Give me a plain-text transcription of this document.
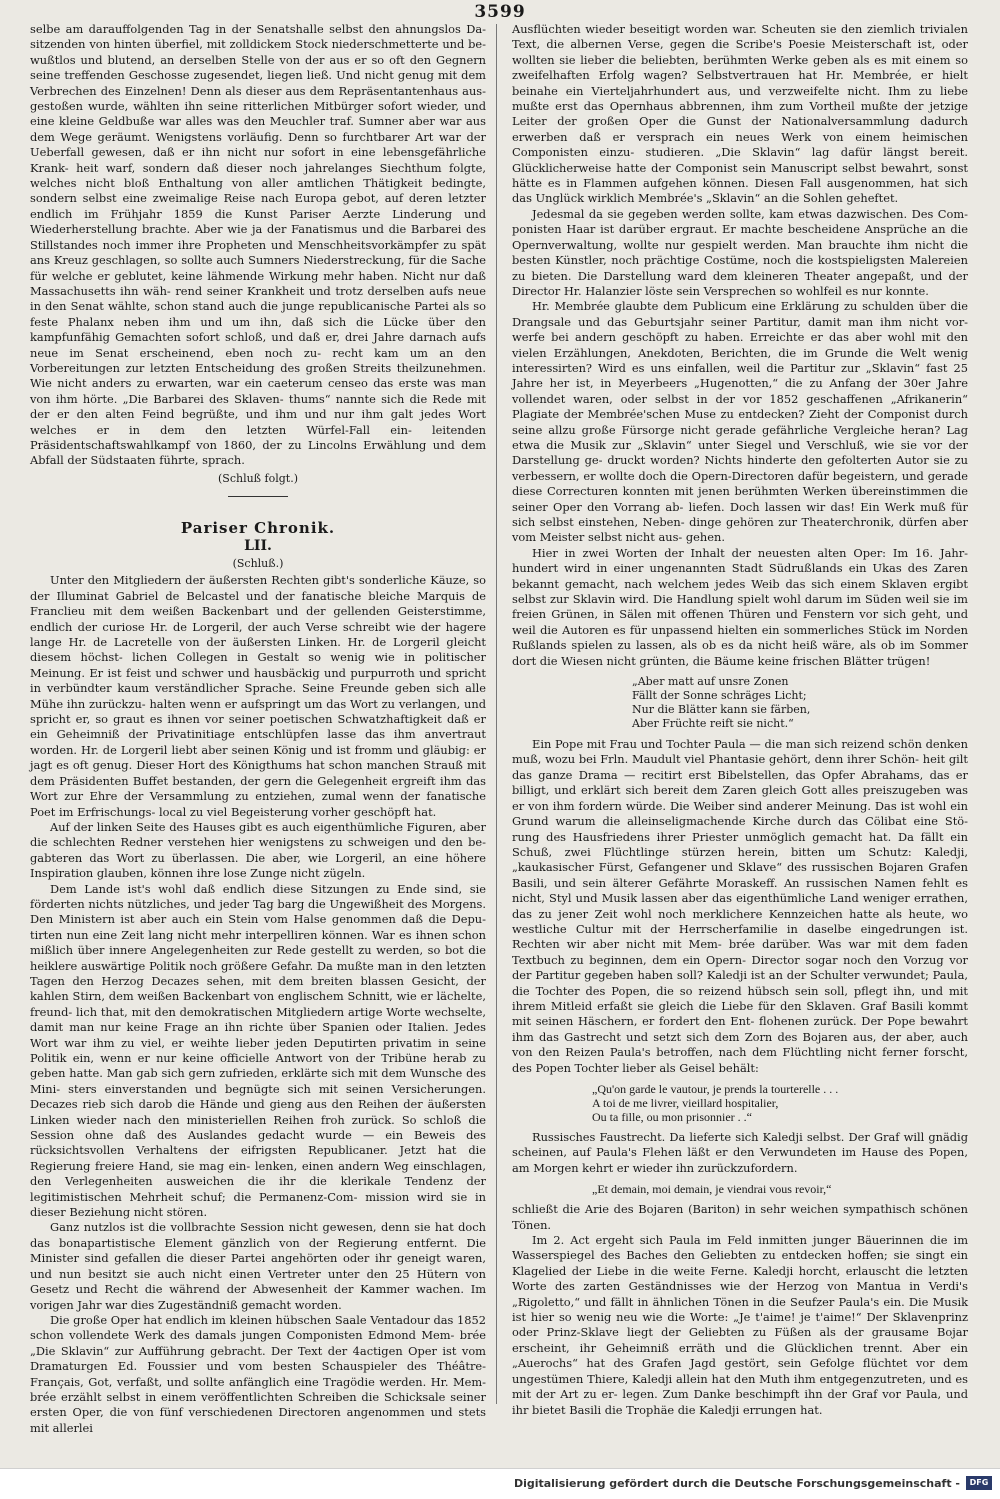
3599

selbe am darauffolgenden Tag in der Senatshalle selbst den ahnungslos Da- sitzenden von hinten überfiel, mit zolldickem Stock niederschmetterte und be- wußtlos und blutend, an derselben Stelle von der aus er so oft den Gegnern seine treffenden Geschosse zugesendet, liegen ließ. Und nicht genug mit dem Verbrechen des Einzelnen! Denn als dieser aus dem Repräsentantenhaus aus- gestoßen wurde, wählten ihn seine ritterlichen Mitbürger sofort wieder, und eine kleine Geldbuße war alles was den Meuchler traf. Sumner aber war aus dem Wege geräumt. Wenigstens vorläufig. Denn so furchtbarer Art war der Ueberfall gewesen, daß er ihn nicht nur sofort in eine lebensgefährliche Krank- heit warf, sondern daß dieser noch jahrelanges Siechthum folgte, welches nicht bloß Enthaltung von aller amtlichen Thätigkeit bedingte, sondern selbst eine zweimalige Reise nach Europa gebot, auf deren letzter endlich im Frühjahr 1859 die Kunst Pariser Aerzte Linderung und Wiederherstellung brachte. Aber wie ja der Fanatismus und die Barbarei des Stillstandes noch immer ihre Propheten und Menschheitsvorkämpfer zu spät ans Kreuz geschlagen, so sollte auch Sumners Niederstreckung, für die Sache für welche er geblutet, keine lähmende Wirkung mehr haben. Nicht nur daß Massachusetts ihn wäh- rend seiner Krankheit und trotz derselben aufs neue in den Senat wählte, schon stand auch die junge republicanische Partei als so feste Phalanx neben ihm und um ihn, daß sich die Lücke über den kampfunfähig Gemachten sofort schloß, und daß er, drei Jahre darnach aufs neue im Senat erscheinend, eben noch zu- recht kam um an den Vorbereitungen zur letzten Entscheidung des großen Streits theilzunehmen. Wie nicht anders zu erwarten, war ein caeterum censeo das erste was man von ihm hörte. „Die Barbarei des Sklaven- thums“ nannte sich die Rede mit der er den alten Feind begrüßte, und ihm und nur ihm galt jedes Wort welches er in dem den letzten Würfel-Fall ein- leitenden Präsidentschaftswahlkampf von 1860, der zu Lincolns Erwählung und dem Abfall der Südstaaten führte, sprach.

(Schluß folgt.)
Pariser Chronik.
LII.
(Schluß.)

Unter den Mitgliedern der äußersten Rechten gibt's sonderliche Käuze, so der Illuminat Gabriel de Belcastel und der fanatische bleiche Marquis de Franclieu mit dem weißen Backenbart und der gellenden Geisterstimme, endlich der curiose Hr. de Lorgeril, der auch Verse schreibt wie der hagere lange Hr. de Lacretelle von der äußersten Linken. Hr. de Lorgeril gleicht diesem höchst- lichen Collegen in Gestalt so wenig wie in politischer Meinung. Er ist feist und schwer und hausbäckig und purpurroth und spricht in verbündter kaum verständlicher Sprache. Seine Freunde geben sich alle Mühe ihn zurückzu- halten wenn er aufspringt um das Wort zu verlangen, und spricht er, so graut es ihnen vor seiner poetischen Schwatzhaftigkeit daß er ein Geheimniß der Privatinitiage entschlüpfen lasse das ihm anvertraut worden. Hr. de Lorgeril liebt aber seinen König und ist fromm und gläubig: er jagt es oft genug. Dieser Hort des Königthums hat schon manchen Strauß mit dem Präsidenten Buffet bestanden, der gern die Gelegenheit ergreift ihm das Wort zur Ehre der Versammlung zu entziehen, zumal wenn der fanatische Poet im Erfrischungs- local zu viel Begeisterung vorher geschöpft hat.

Auf der linken Seite des Hauses gibt es auch eigenthümliche Figuren, aber die schlechten Redner verstehen hier wenigstens zu schweigen und den be- gabteren das Wort zu überlassen. Die aber, wie Lorgeril, an eine höhere Inspiration glauben, können ihre lose Zunge nicht zügeln.

Dem Lande ist's wohl daß endlich diese Sitzungen zu Ende sind, sie förderten nichts nützliches, und jeder Tag barg die Ungewißheit des Morgens. Den Ministern ist aber auch ein Stein vom Halse genommen daß die Depu- tirten nun eine Zeit lang nicht mehr interpelliren können. War es ihnen schon mißlich über innere Angelegenheiten zur Rede gestellt zu werden, so bot die heiklere auswärtige Politik noch größere Gefahr. Da mußte man in den letzten Tagen den Herzog Decazes sehen, mit dem breiten blassen Gesicht, der kahlen Stirn, dem weißen Backenbart von englischem Schnitt, wie er lächelte, freund- lich that, mit den demokratischen Mitgliedern artige Worte wechselte, damit man nur keine Frage an ihn richte über Spanien oder Italien. Jedes Wort war ihm zu viel, er weihte lieber jeden Deputirten privatim in seine Politik ein, wenn er nur keine officielle Antwort von der Tribüne herab zu geben hatte. Man gab sich gern zufrieden, erklärte sich mit dem Wunsche des Mini- sters einverstanden und begnügte sich mit seinen Versicherungen. Decazes rieb sich darob die Hände und gieng aus den Reihen der äußersten Linken wieder nach den ministeriellen Reihen froh zurück. So schloß die Session ohne daß des Auslandes gedacht wurde — ein Beweis des rücksichtsvollen Verhaltens der eifrigsten Republicaner. Jetzt hat die Regierung freiere Hand, sie mag ein- lenken, einen andern Weg einschlagen, den Verlegenheiten ausweichen die ihr die klerikale Tendenz der legitimistischen Mehrheit schuf; die Permanenz-Com- mission wird sie in dieser Beziehung nicht stören.

Ganz nutzlos ist die vollbrachte Session nicht gewesen, denn sie hat doch das bonapartistische Element gänzlich von der Regierung entfernt. Die Minister sind gefallen die dieser Partei angehörten oder ihr geneigt waren, und nun besitzt sie auch nicht einen Vertreter unter den 25 Hütern von Gesetz und Recht die während der Abwesenheit der Kammer wachen. Im vorigen Jahr war dies Zugeständniß gemacht worden.

Die große Oper hat endlich im kleinen hübschen Saale Ventadour das 1852 schon vollendete Werk des damals jungen Componisten Edmond Mem- brée „Die Sklavin“ zur Aufführung gebracht. Der Text der 4actigen Oper ist vom Dramaturgen Ed. Foussier und vom besten Schauspieler des Théâtre- Français, Got, verfaßt, und sollte anfänglich eine Tragödie werden. Hr. Mem- brée erzählt selbst in einem veröffentlichten Schreiben die Schicksale seiner ersten Oper, die von fünf verschiedenen Directoren angenommen und stets mit allerlei

Ausflüchten wieder beseitigt worden war. Scheuten sie den ziemlich trivialen Text, die albernen Verse, gegen die Scribe's Poesie Meisterschaft ist, oder wollten sie lieber die beliebten, berühmten Werke geben als es mit einem so zweifelhaften Erfolg wagen? Selbstvertrauen hat Hr. Membrée, er hielt beinahe ein Vierteljahrhundert aus, und verzweifelte nicht. Ihm zu liebe mußte erst das Opernhaus abbrennen, ihm zum Vortheil mußte der jetzige Leiter der großen Oper die Gunst der Nationalversammlung dadurch erwerben daß er versprach ein neues Werk von einem heimischen Componisten einzu- studieren. „Die Sklavin“ lag dafür längst bereit. Glücklicherweise hatte der Componist sein Manuscript selbst bewahrt, sonst hätte es in Flammen aufgehen können. Diesen Fall ausgenommen, hat sich das Unglück wirklich Membrée's „Sklavin“ an die Sohlen geheftet.

Jedesmal da sie gegeben werden sollte, kam etwas dazwischen. Des Com- ponisten Haar ist darüber ergraut. Er machte bescheidene Ansprüche an die Opernverwaltung, wollte nur gespielt werden. Man brauchte ihm nicht die besten Künstler, noch prächtige Costüme, noch die kostspieligsten Malereien zu bieten. Die Darstellung ward dem kleineren Theater angepaßt, und der Director Hr. Halanzier löste sein Versprechen so wohlfeil es nur konnte.

Hr. Membrée glaubte dem Publicum eine Erklärung zu schulden über die Drangsale und das Geburtsjahr seiner Partitur, damit man ihm nicht vor- werfe bei andern geschöpft zu haben. Erreichte er das aber wohl mit den vielen Erzählungen, Anekdoten, Berichten, die im Grunde die Welt wenig interessirten? Wird es uns einfallen, weil die Partitur zur „Sklavin“ fast 25 Jahre her ist, in Meyerbeers „Hugenotten,“ die zu Anfang der 30er Jahre vollendet waren, oder selbst in der vor 1852 geschaffenen „Afrikanerin“ Plagiate der Membrée'schen Muse zu entdecken? Zieht der Componist durch seine allzu große Fürsorge nicht gerade gefährliche Vergleiche heran? Lag etwa die Musik zur „Sklavin“ unter Siegel und Verschluß, wie sie vor der Darstellung ge- druckt worden? Nichts hinderte den gefolterten Autor sie zu verbessern, er wollte doch die Opern-Directoren dafür begeistern, und gerade diese Correcturen konnten mit jenen berühmten Werken übereinstimmen die seiner Oper den Vorrang ab- liefen. Doch lassen wir das! Ein Werk muß für sich selbst einstehen, Neben- dinge gehören zur Theaterchronik, dürfen aber vom Meister selbst nicht aus- gehen.

Hier in zwei Worten der Inhalt der neuesten alten Oper: Im 16. Jahr- hundert wird in einer ungenannten Stadt Südrußlands ein Ukas des Zaren bekannt gemacht, nach welchem jedes Weib das sich einem Sklaven ergibt selbst zur Sklavin wird. Die Handlung spielt wohl darum im Süden weil sie im freien Grünen, in Sälen mit offenen Thüren und Fenstern vor sich geht, und weil die Autoren es für unpassend hielten ein sommerliches Stück im Norden Rußlands spielen zu lassen, als ob es da nicht heiß wäre, als ob im Sommer dort die Wiesen nicht grünten, die Bäume keine frischen Blätter trügen!

„Aber matt auf unsre Zonen
Fällt der Sonne schräges Licht;
Nur die Blätter kann sie färben,
Aber Früchte reift sie nicht.“

Ein Pope mit Frau und Tochter Paula — die man sich reizend schön denken muß, wozu bei Frln. Maudult viel Phantasie gehört, denn ihrer Schön- heit gilt das ganze Drama — recitirt erst Bibelstellen, das Opfer Abrahams, das er billigt, und erklärt sich bereit dem Zaren gleich Gott alles preiszugeben was er von ihm fordern würde. Die Weiber sind anderer Meinung. Das ist wohl ein Grund warum die alleinseligmachende Kirche durch das Cölibat eine Stö- rung des Hausfriedens ihrer Priester unmöglich gemacht hat. Da fällt ein Schuß, zwei Flüchtlinge stürzen herein, bitten um Schutz: Kaledji, „kaukasischer Fürst, Gefangener und Sklave“ des russischen Bojaren Grafen Basili, und sein älterer Gefährte Moraskeff. An russischen Namen fehlt es nicht, Styl und Musik lassen aber das eigenthümliche Land weniger errathen, das zu jener Zeit wohl noch merklichere Kennzeichen hatte als heute, wo westliche Cultur mit der Herrscherfamilie in daselbe eingedrungen ist. Rechten wir aber nicht mit Mem- brée darüber. Was war mit dem faden Textbuch zu beginnen, dem ein Opern- Director sogar noch den Vorzug vor der Partitur gegeben haben soll? Kaledji ist an der Schulter verwundet; Paula, die Tochter des Popen, die so reizend hübsch sein soll, pflegt ihn, und mit ihrem Mitleid erfaßt sie gleich die Liebe für den Sklaven. Graf Basili kommt mit seinen Häschern, er fordert den Ent- flohenen zurück. Der Pope bewahrt ihm das Gastrecht und setzt sich dem Zorn des Bojaren aus, der aber, auch von den Reizen Paula's betroffen, nach dem Flüchtling nicht ferner forscht, des Popen Tochter lieber als Geisel behält:

„Qu'on garde le vautour, je prends la tourterelle . . .
A toi de me livrer, vieillard hospitalier,
Ou ta fille, ou mon prisonnier . .“

Russisches Faustrecht. Da lieferte sich Kaledji selbst. Der Graf will gnädig scheinen, auf Paula's Flehen läßt er den Verwundeten im Hause des Popen, am Morgen kehrt er wieder ihn zurückzufordern.

„Et demain, moi demain, je viendrai vous revoir,“

schließt die Arie des Bojaren (Bariton) in sehr weichen sympathisch schönen Tönen.

Im 2. Act ergeht sich Paula im Feld inmitten junger Bäuerinnen die im Wasserspiegel des Baches den Geliebten zu entdecken hoffen; sie singt ein Klagelied der Liebe in die weite Ferne. Kaledji horcht, erlauscht die letzten Worte des zarten Geständnisses wie der Herzog von Mantua in Verdi's „Rigoletto,“ und fällt in ähnlichen Tönen in die Seufzer Paula's ein. Die Musik ist hier so wenig neu wie die Worte: „Je t'aime! je t'aime!“ Der Sklavenprinz oder Prinz-Sklave liegt der Geliebten zu Füßen als der grausame Bojar erscheint, ihr Geheimniß erräth und die Glücklichen trennt. Aber ein „Auerochs“ hat des Grafen Jagd gestört, sein Gefolge flüchtet vor dem ungestümen Thiere, Kaledji allein hat den Muth ihm entgegenzutreten, und es mit der Art zu er- legen. Zum Danke beschimpft ihn der Graf vor Paula, und ihr bietet Basili die Trophäe die Kaledji errungen hat.

Digitalisierung gefördert durch die Deutsche Forschungsgemeinschaft -	DFG
